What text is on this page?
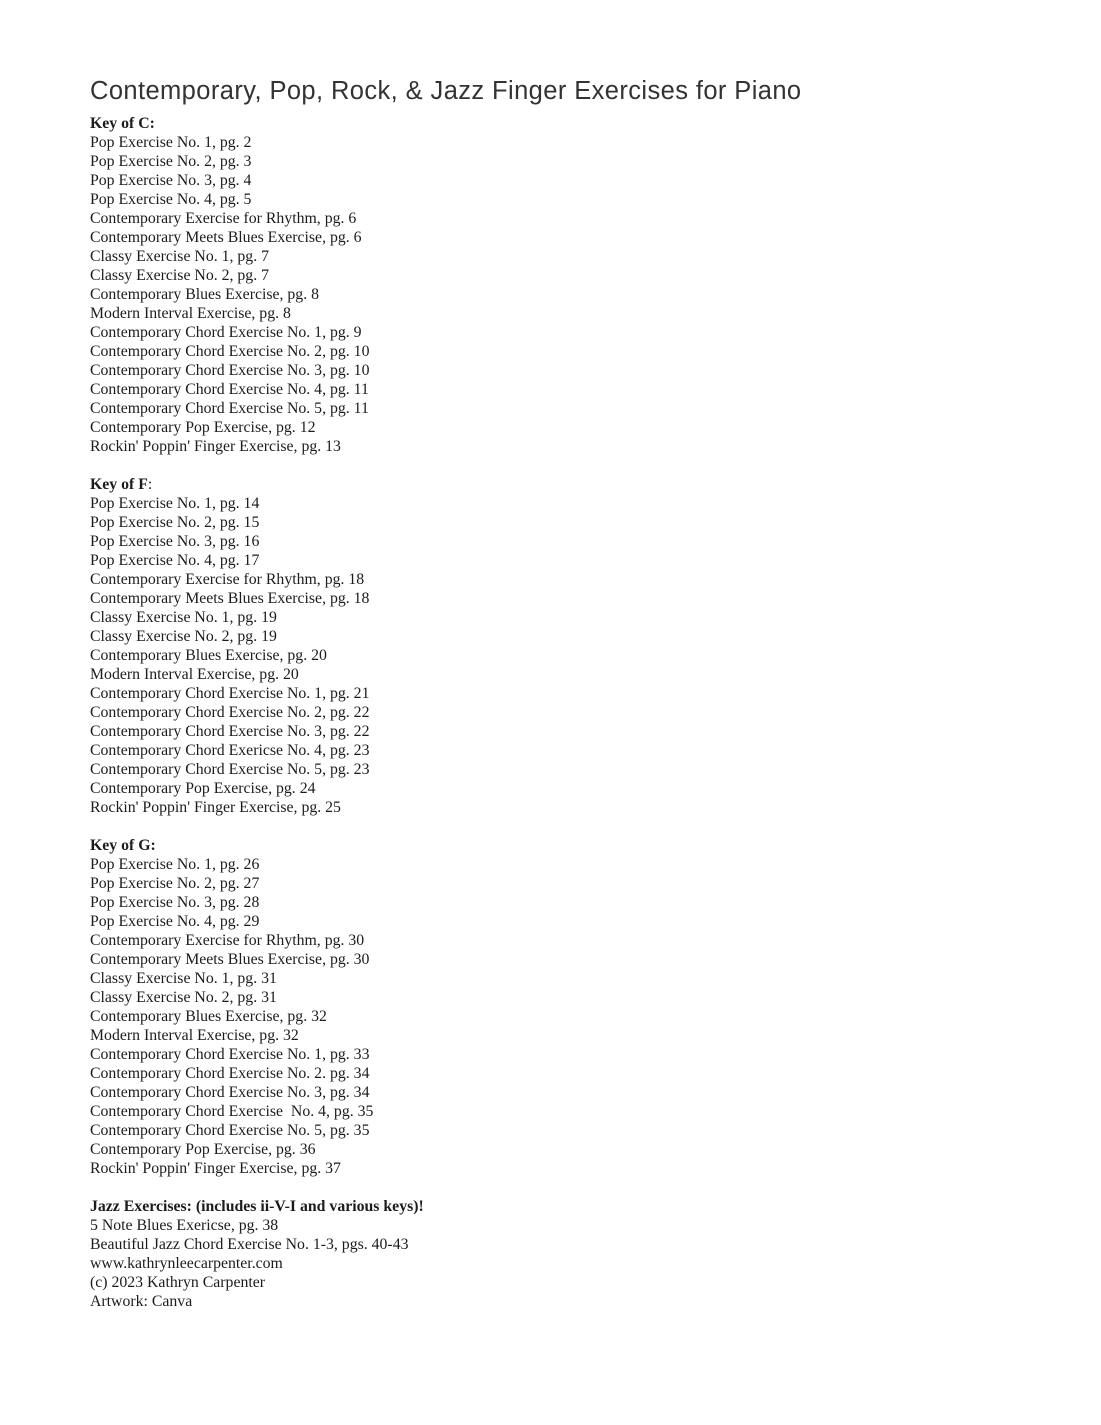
Contemporary, Pop, Rock, & Jazz Finger Exercises for Piano
Key of C:
Pop Exercise No. 1, pg. 2
Pop Exercise No. 2, pg. 3
Pop Exercise No. 3, pg. 4
Pop Exercise No. 4, pg. 5
Contemporary Exercise for Rhythm, pg. 6
Contemporary Meets Blues Exercise, pg. 6
Classy Exercise No. 1, pg. 7
Classy Exercise No. 2, pg. 7
Contemporary Blues Exercise, pg. 8
Modern Interval Exercise, pg. 8
Contemporary Chord Exercise No. 1, pg. 9
Contemporary Chord Exercise No. 2, pg. 10
Contemporary Chord Exercise No. 3, pg. 10
Contemporary Chord Exercise No. 4, pg. 11
Contemporary Chord Exercise No. 5, pg. 11
Contemporary Pop Exercise, pg. 12
Rockin' Poppin' Finger Exercise, pg. 13
Key of F:
Pop Exercise No. 1, pg. 14
Pop Exercise No. 2, pg. 15
Pop Exercise No. 3, pg. 16
Pop Exercise No. 4, pg. 17
Contemporary Exercise for Rhythm, pg. 18
Contemporary Meets Blues Exercise, pg. 18
Classy Exercise No. 1, pg. 19
Classy Exercise No. 2, pg. 19
Contemporary Blues Exercise, pg. 20
Modern Interval Exercise, pg. 20
Contemporary Chord Exercise No. 1, pg. 21
Contemporary Chord Exercise No. 2, pg. 22
Contemporary Chord Exercise No. 3, pg. 22
Contemporary Chord Exericse No. 4, pg. 23
Contemporary Chord Exercise No. 5, pg. 23
Contemporary Pop Exercise, pg. 24
Rockin' Poppin' Finger Exercise, pg. 25
Key of G:
Pop Exercise No. 1, pg. 26
Pop Exercise No. 2, pg. 27
Pop Exercise No. 3, pg. 28
Pop Exercise No. 4, pg. 29
Contemporary Exercise for Rhythm, pg. 30
Contemporary Meets Blues Exercise, pg. 30
Classy Exercise No. 1, pg. 31
Classy Exercise No. 2, pg. 31
Contemporary Blues Exercise, pg. 32
Modern Interval Exercise, pg. 32
Contemporary Chord Exercise No. 1, pg. 33
Contemporary Chord Exercise No. 2. pg. 34
Contemporary Chord Exercise No. 3, pg. 34
Contemporary Chord Exercise  No. 4, pg. 35
Contemporary Chord Exercise No. 5, pg. 35
Contemporary Pop Exercise, pg. 36
Rockin' Poppin' Finger Exercise, pg. 37
Jazz Exercises: (includes ii-V-I and various keys)!
5 Note Blues Exericse, pg. 38
Beautiful Jazz Chord Exercise No. 1-3, pgs. 40-43
www.kathrynleecarpenter.com
(c) 2023 Kathryn Carpenter
Artwork: Canva
